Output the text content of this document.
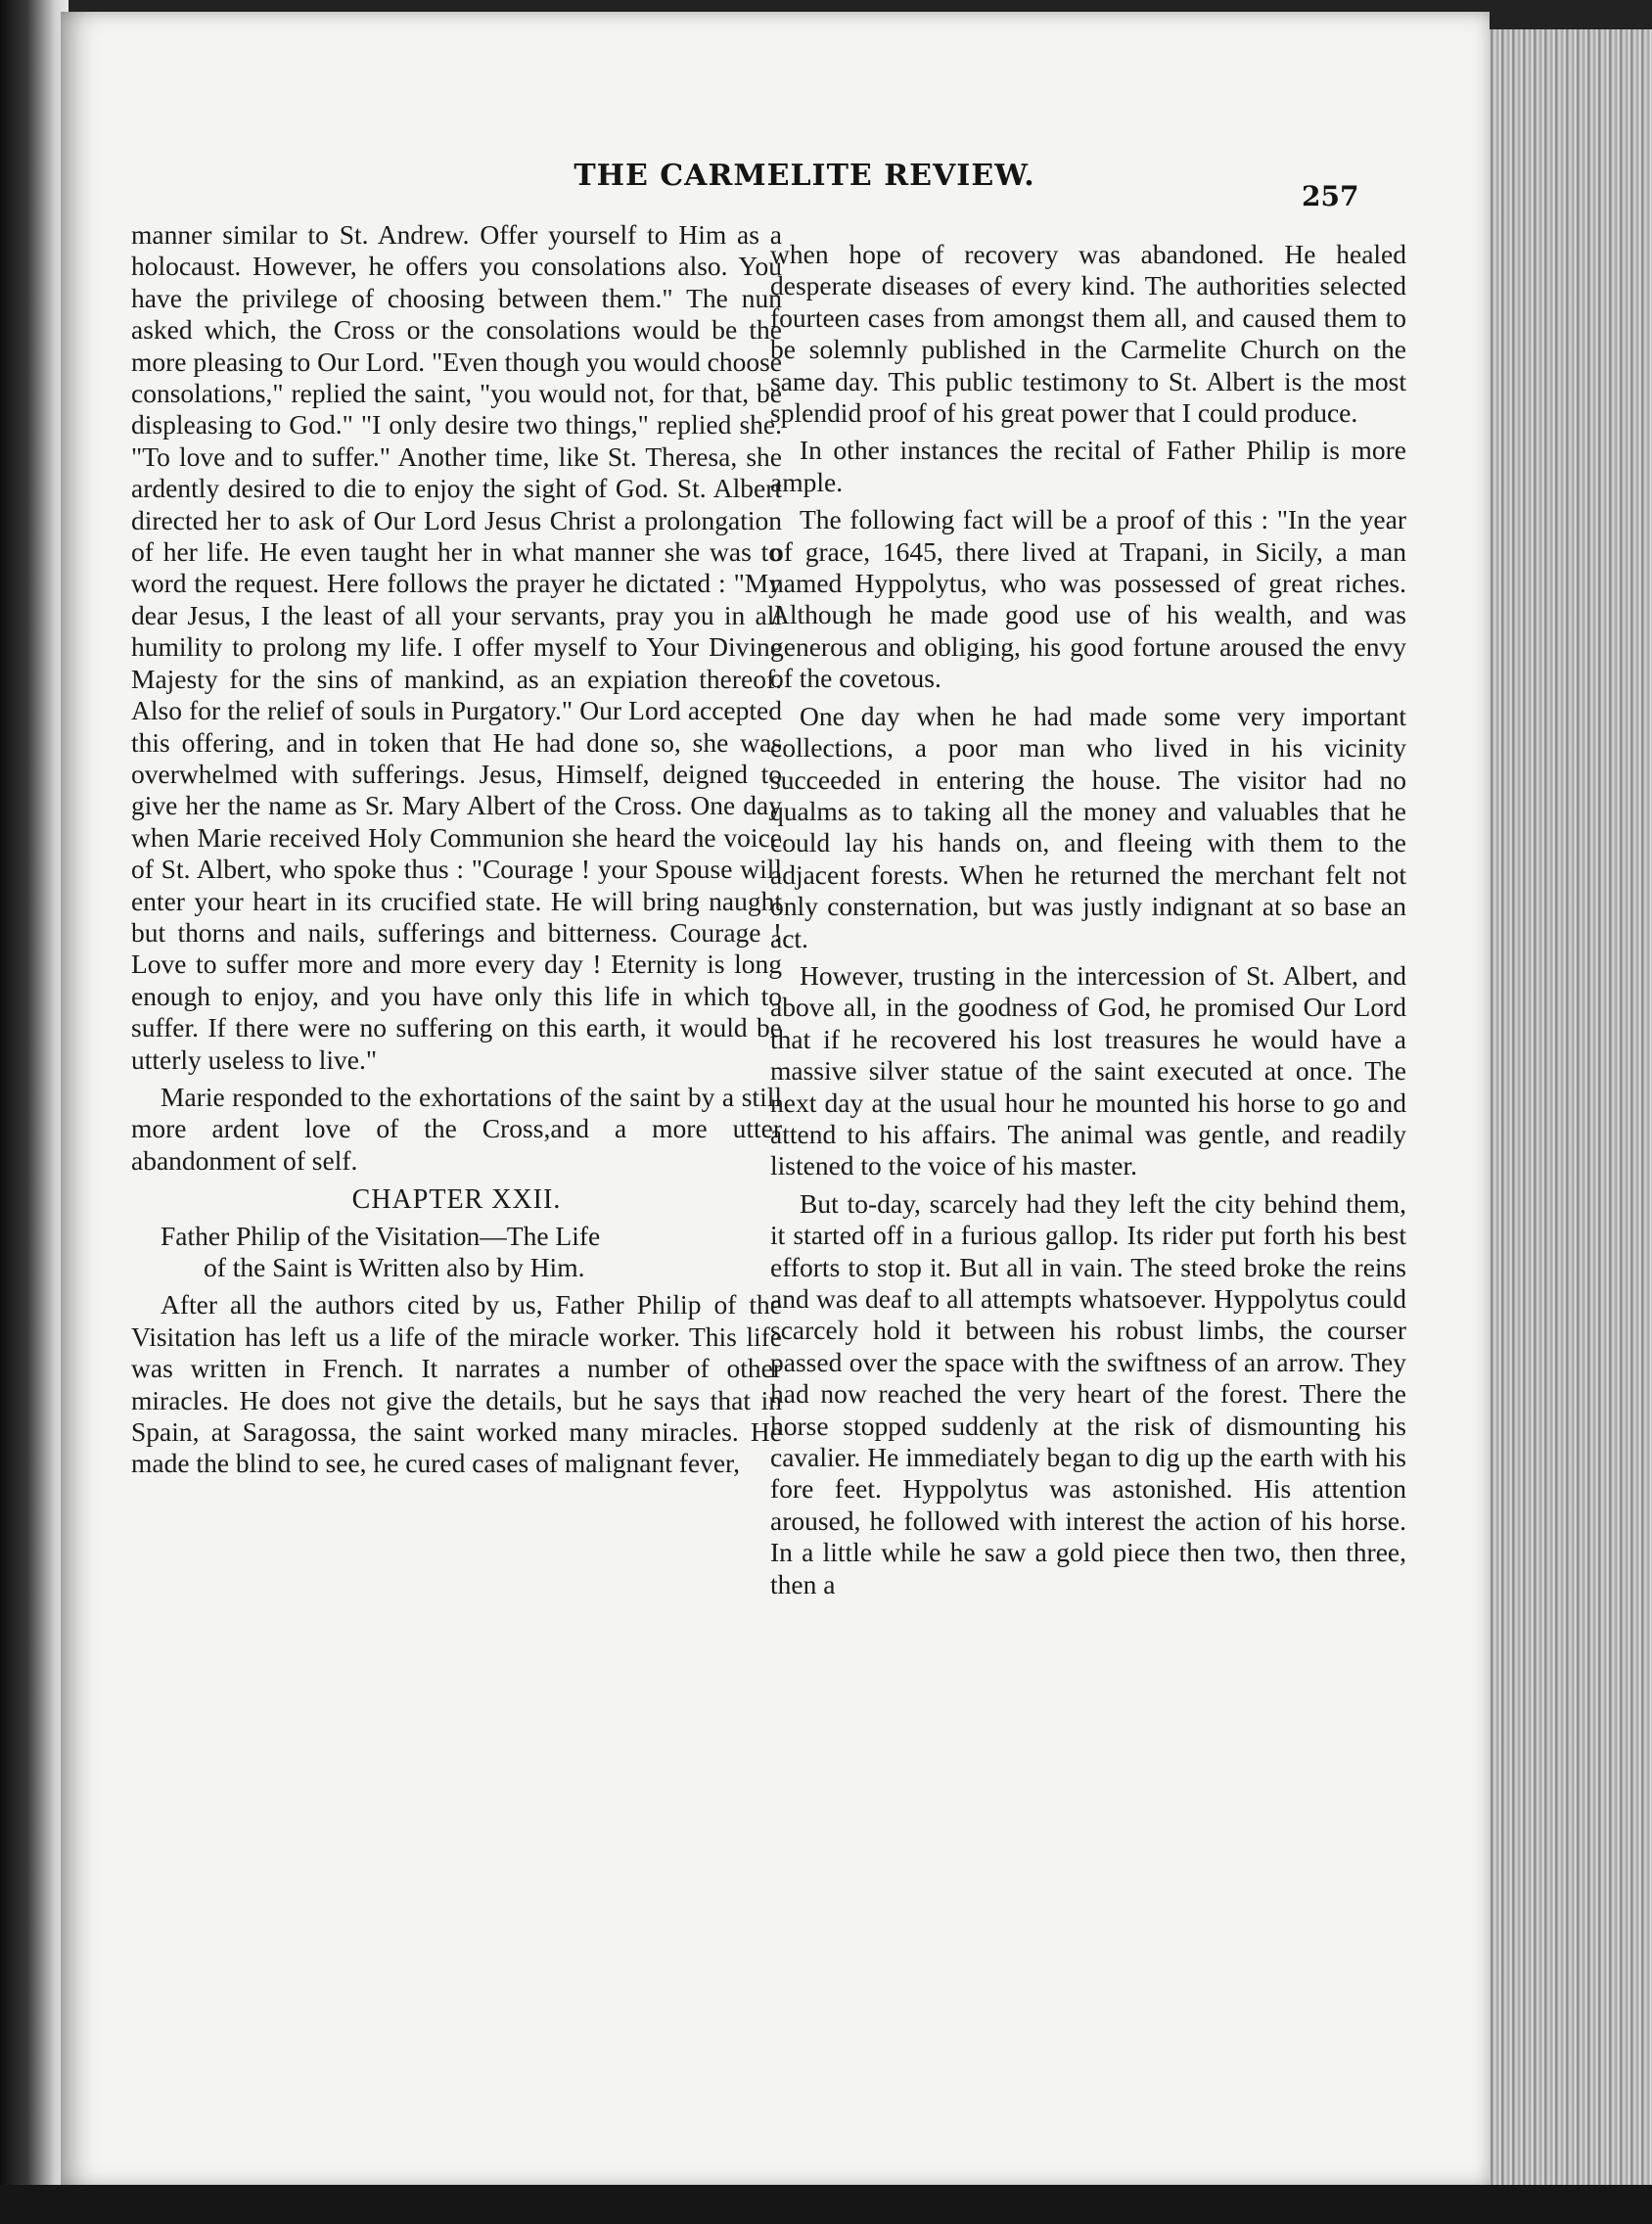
THE CARMELITE REVIEW.
257

manner similar to St. Andrew. Offer yourself to Him as a holocaust. However, he offers you consolations also. You have the privilege of choosing between them." The nun asked which, the Cross or the consolations would be the more pleasing to Our Lord. "Even though you would choose consolations," replied the saint, "you would not, for that, be displeasing to God." "I only desire two things," replied she. "To love and to suffer." Another time, like St. Theresa, she ardently desired to die to enjoy the sight of God. St. Albert directed her to ask of Our Lord Jesus Christ a prolongation of her life. He even taught her in what manner she was to word the request. Here follows the prayer he dictated : "My dear Jesus, I the least of all your servants, pray you in all humility to prolong my life. I offer myself to Your Divine Majesty for the sins of mankind, as an expiation thereof. Also for the relief of souls in Purgatory." Our Lord accepted this offering, and in token that He had done so, she was overwhelmed with sufferings. Jesus, Himself, deigned to give her the name as Sr. Mary Albert of the Cross. One day when Marie received Holy Communion she heard the voice of St. Albert, who spoke thus : "Courage ! your Spouse will enter your heart in its crucified state. He will bring naught but thorns and nails, sufferings and bitterness. Courage ! Love to suffer more and more every day ! Eternity is long enough to enjoy, and you have only this life in which to suffer. If there were no suffering on this earth, it would be utterly useless to live."

Marie responded to the exhortations of the saint by a still more ardent love of the Cross,and a more utter abandonment of self.

CHAPTER XXII.

Father Philip of the Visitation—The Life
of the Saint is Written also by Him.

After all the authors cited by us, Father Philip of the Visitation has left us a life of the miracle worker. This life was written in French. It narrates a number of other miracles. He does not give the details, but he says that in Spain, at Saragossa, the saint worked many miracles. He made the blind to see, he cured cases of malignant fever,

when hope of recovery was abandoned. He healed desperate diseases of every kind. The authorities selected fourteen cases from amongst them all, and caused them to be solemnly published in the Carmelite Church on the same day. This public testimony to St. Albert is the most splendid proof of his great power that I could produce.

In other instances the recital of Father Philip is more ample.

The following fact will be a proof of this : "In the year of grace, 1645, there lived at Trapani, in Sicily, a man named Hyppolytus, who was possessed of great riches. Although he made good use of his wealth, and was generous and obliging, his good fortune aroused the envy of the covetous.

One day when he had made some very important collections, a poor man who lived in his vicinity succeeded in entering the house. The visitor had no qualms as to taking all the money and valuables that he could lay his hands on, and fleeing with them to the adjacent forests. When he returned the merchant felt not only consternation, but was justly indignant at so base an act.

However, trusting in the intercession of St. Albert, and above all, in the goodness of God, he promised Our Lord that if he recovered his lost treasures he would have a massive silver statue of the saint executed at once. The next day at the usual hour he mounted his horse to go and attend to his affairs. The animal was gentle, and readily listened to the voice of his master.

But to-day, scarcely had they left the city behind them, it started off in a furious gallop. Its rider put forth his best efforts to stop it. But all in vain. The steed broke the reins and was deaf to all attempts whatsoever. Hyppolytus could scarcely hold it between his robust limbs, the courser passed over the space with the swiftness of an arrow. They had now reached the very heart of the forest. There the horse stopped suddenly at the risk of dismounting his cavalier. He immediately began to dig up the earth with his fore feet. Hyppolytus was astonished. His attention aroused, he followed with interest the action of his horse. In a little while he saw a gold piece then two, then three, then a
